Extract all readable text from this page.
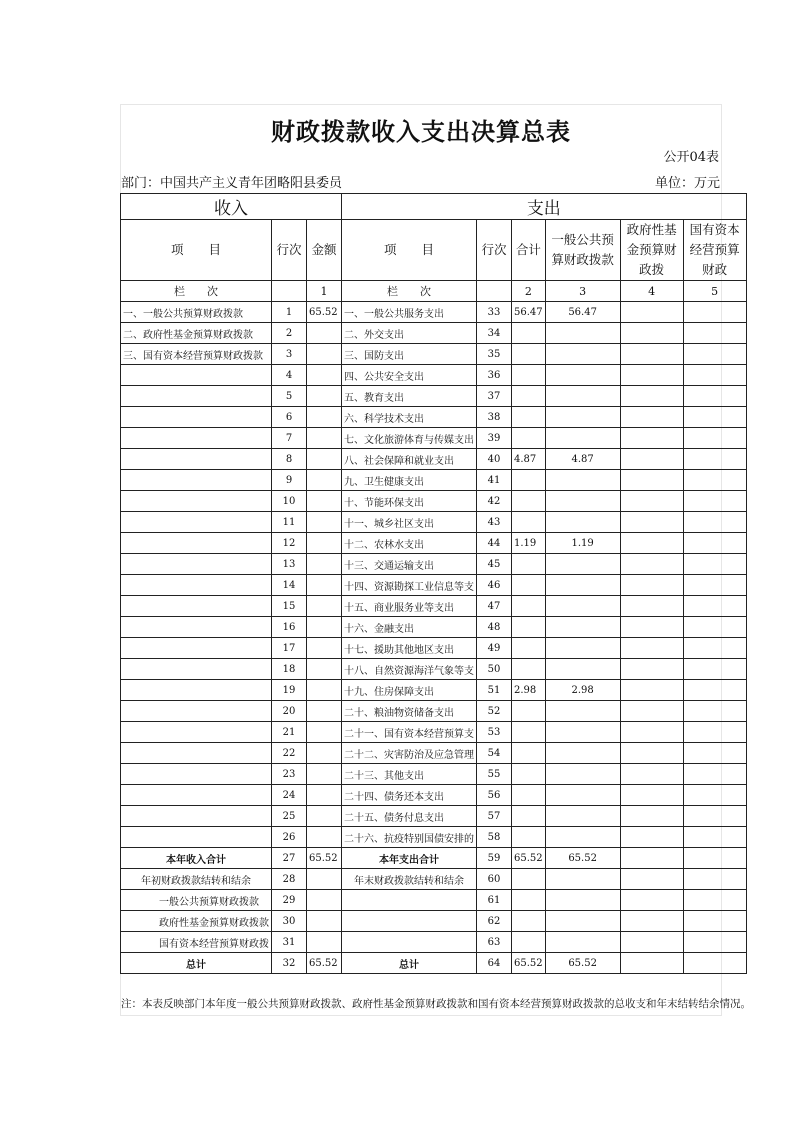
财政拨款收入支出决算总表
公开04表
部门：中国共产主义青年团略阳县委员	单位：万元
收入			支出					
项　　目	行次	金额	项　　目	行次	合计	一般公共预算财政拨款	政府性基金预算财政拨	国有资本经营预算财政
栏　　次		1	栏　　次		2	3	4	5
一、一般公共预算财政拨款	1	65.52	一、一般公共服务支出	33	56.47	56.47		
二、政府性基金预算财政拨款	2		二、外交支出	34				
三、国有资本经营预算财政拨款	3		三、国防支出	35				
	4		四、公共安全支出	36				
	5		五、教育支出	37				
	6		六、科学技术支出	38				
	7		七、文化旅游体育与传媒支出	39				
	8		八、社会保障和就业支出	40	4.87	4.87		
	9		九、卫生健康支出	41				
	10		十、节能环保支出	42				
	11		十一、城乡社区支出	43				
	12		十二、农林水支出	44	1.19	1.19		
	13		十三、交通运输支出	45				
	14		十四、资源勘探工业信息等支	46				
	15		十五、商业服务业等支出	47				
	16		十六、金融支出	48				
	17		十七、援助其他地区支出	49				
	18		十八、自然资源海洋气象等支	50				
	19		十九、住房保障支出	51	2.98	2.98		
	20		二十、粮油物资储备支出	52				
	21		二十一、国有资本经营预算支	53				
	22		二十二、灾害防治及应急管理	54				
	23		二十三、其他支出	55				
	24		二十四、债务还本支出	56				
	25		二十五、债务付息支出	57				
	26		二十六、抗疫特别国债安排的	58				
本年收入合计	27	65.52	本年支出合计	59	65.52	65.52		
年初财政拨款结转和结余	28		年末财政拨款结转和结余	60				
一般公共预算财政拨款	29			61				
政府性基金预算财政拨款	30			62				
国有资本经营预算财政拨	31			63				
总计	32	65.52	总计	64	65.52	65.52		
注：本表反映部门本年度一般公共预算财政拨款、政府性基金预算财政拨款和国有资本经营预算财政拨款的总收支和年末结转结余情况。
